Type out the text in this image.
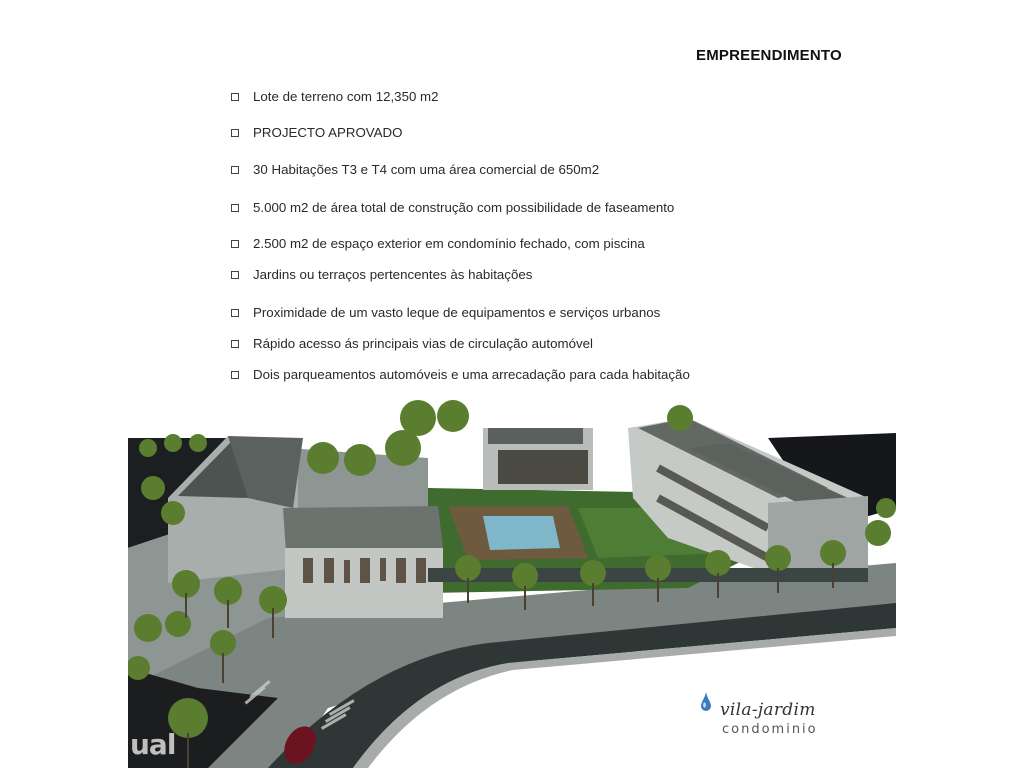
EMPREENDIMENTO
Lote de terreno com 12,350 m2
PROJECTO APROVADO
30 Habitações T3 e T4 com uma área comercial de 650m2
5.000 m2 de área total de construção com possibilidade de faseamento
2.500 m2 de espaço exterior em condomínio fechado, com piscina
Jardins ou terraços pertencentes às habitações
Proximidade de um vasto leque de equipamentos e serviços urbanos
Rápido acesso ás principais vias de circulação automóvel
Dois parqueamentos automóveis e uma arrecadação para cada habitação
ual
vila-jardim
condominio
